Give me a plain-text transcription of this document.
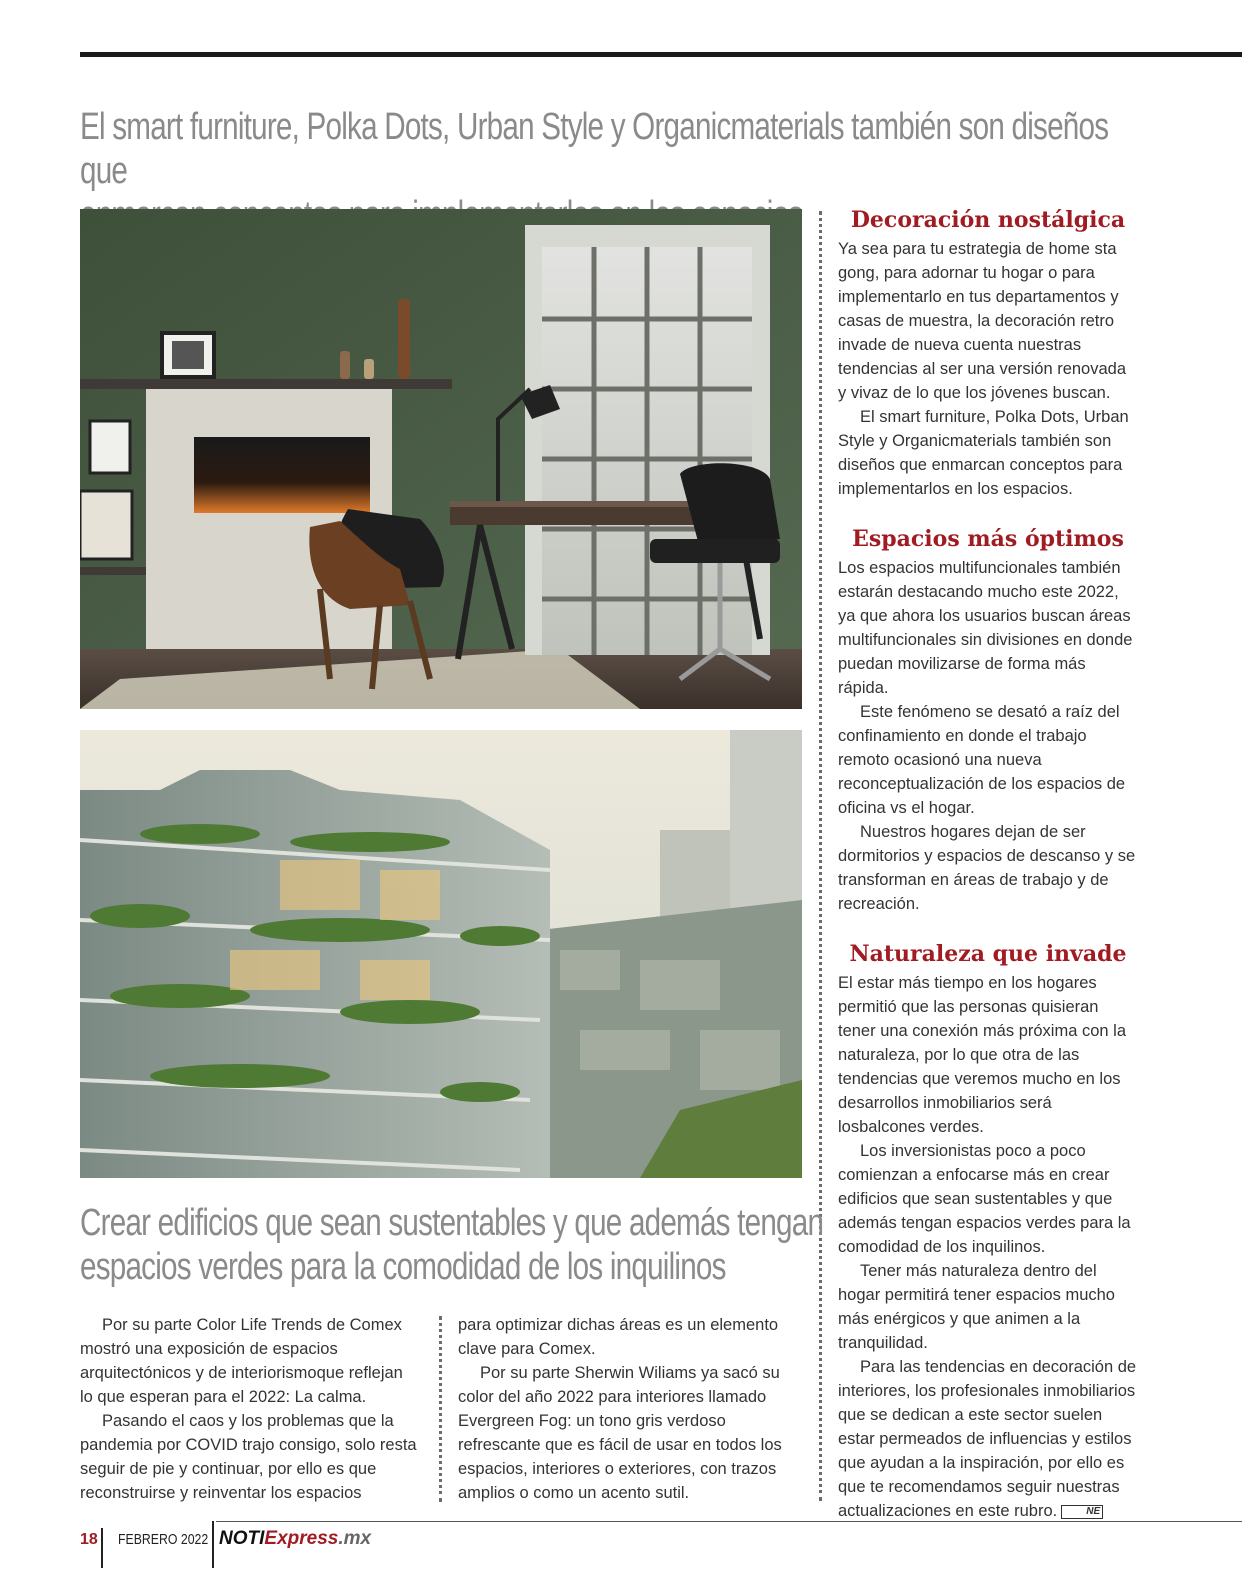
El smart furniture, Polka Dots, Urban Style y Organicmaterials también son diseños que

Decoración nostálgica

Ya sea para tu estrategia de home sta gong, para adornar tu hogar o para implementarlo en tus departamentos y casas de muestra, la decoración retro invade de nueva cuenta nuestras tendencias al ser una versión renovada y vivaz de lo que los jóvenes buscan.

El smart furniture, Polka Dots, Urban Style y Organicmaterials también son diseños que enmarcan conceptos para implementarlos en los espacios.

Espacios más óptimos

Los espacios multifuncionales también estarán destacando mucho este 2022, ya que ahora los usuarios buscan áreas multifuncionales sin divisiones en donde puedan movilizarse de forma más rápida.

Este fenómeno se desató a raíz del confinamiento en donde el trabajo remoto ocasionó una nueva reconceptualización de los espacios de oficina vs el hogar.

Nuestros hogares dejan de ser dormitorios y espacios de descanso y se transforman en áreas de trabajo y de recreación.

Naturaleza que invade

El estar más tiempo en los hogares permitió que las personas quisieran tener una conexión más próxima con la naturaleza, por lo que otra de las tendencias que veremos mucho en los desarrollos inmobiliarios será losbalcones verdes.

Los inversionistas poco a poco comienzan a enfocarse más en crear edificios que sean sustentables y que además tengan espacios verdes para la comodidad de los inquilinos.

Tener más naturaleza dentro del hogar permitirá tener espacios mucho más enérgicos y que animen a la tranquilidad.

Para las tendencias en decoración de interiores, los profesionales inmobiliarios que se dedican a este sector suelen estar permeados de influencias y estilos que ayudan a la inspiración, por ello es que te recomendamos seguir nuestras actualizaciones en este rubro.	NE

Crear edificios que sean sustentables y que además tengan
espacios verdes para la comodidad de los inquilinos

Por su parte Color Life Trends de Comex mostró una exposición de espacios arquitectónicos y de interiorismoque reflejan lo que esperan para el 2022: La calma.

Pasando el caos y los problemas que la pandemia por COVID trajo consigo, solo resta seguir de pie y continuar, por ello es que reconstruirse y reinventar los espacios

para optimizar dichas áreas es un elemento clave para Comex.

Por su parte Sherwin Wiliams ya sacó su color del año 2022 para interiores llamado Evergreen Fog: un tono gris verdoso refrescante que es fácil de usar en todos los espacios, interiores o exteriores, con trazos amplios o como un acento sutil.

18 FEBRERO 2022 NOTIExpress.mx
